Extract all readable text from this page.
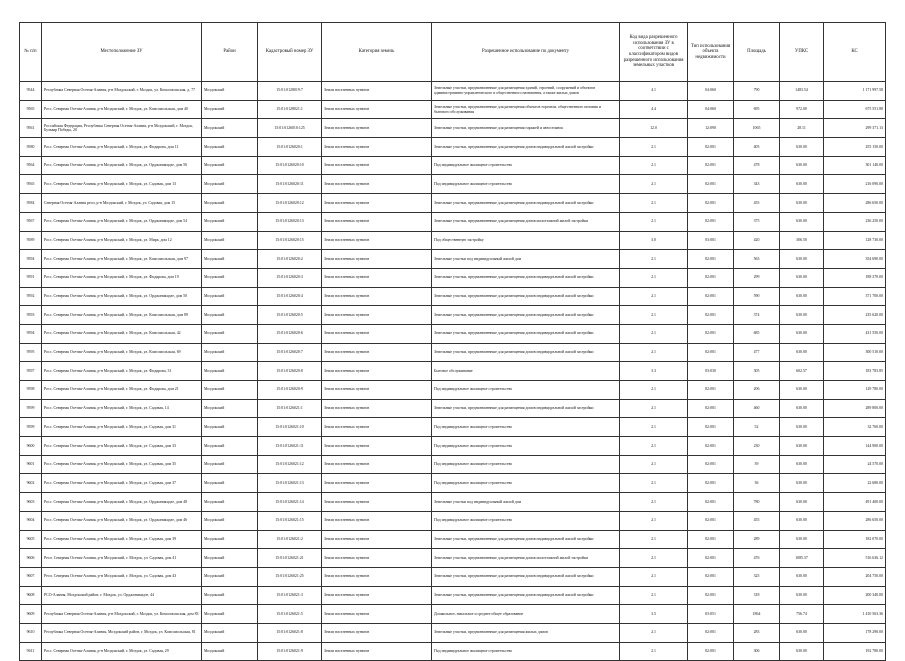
№ п/п	Местоположение ЗУ	Район	Кадастровый номер ЗУ	Категория земель	Разрешенное использование по документу	Код вида разрешенного использования ЗУ в соответствии с классификатором видов разрешенного использования земельных участков	Тип использования объекта недвижимости	Площадь	УПКС	КС
9544	Республика Северная Осетия-Алания, р-н Моздокский, г. Моздок, ул. Комсомольская, д. 77	Моздокский	15:01:0128019:7	Земли населенных пунктов	Земельные участки, предназначенные для размещения зданий, строений, сооружений и объектов административно-управленческого и общественного назначения, а также жилых домов	4.1	04:060	790	1483.54	1 171 997.58
9565	Росс. Северная Осетия-Алания, р-н Моздокский, г. Моздок, ул. Комсомольская, дом 40	Моздокский	15:01:0128021:1	Земли населенных пунктов	Земельные участки, предназначенные для размещения объектов торговли, общественного питания и бытового обслуживания	4.4	04:060	695	972.00	675 551.88
9561	Российская Федерация, Республика Северная Осетия-Алания, р-н Моздокский, г. Моздок, Бульвар Победы, 20	Моздокский	15:01:0126010:125	Земли населенных пунктов	Земельные участки, предназначенные для размещения гаражей и автостоянок	12.0	12:090	1065	28.11	299 371.13
9580	Росс. Северная Осетия-Алания, р-н Моздокский, г. Моздок, ул. Фидарова, дом 11	Моздокский	15:01:0126020:1	Земли населенных пунктов	Земельные участки, предназначенные для размещения домов индивидуальной жилой застройки	2.1	02:001	405	630.00	255 150.00
9564	Росс. Северная Осетия-Алания, р-н Моздокский, г. Моздок, ул. Орджоникидзе, дом 56	Моздокский	15:01:0126020:10	Земли населенных пунктов	Под индивидуальное жилищное строительство	2.1	02:001	478	630.00	301 140.00
9565	Росс. Северная Осетия-Алания, р-н Моздокский, г. Моздок, ул. Садовая, дом 13	Моздокский	15:01:0126020:11	Земли населенных пунктов	Под индивидуальное жилищное строительство	2.1	02:001	343	630.00	216 090.00
9584	Северная Осетия-Алания респ, р-н Моздокский, г. Моздок, ул. Садовая, дом 15	Моздокский	15:01:0126020:12	Земли населенных пунктов	Земельные участки, предназначенные для размещения домов индивидуальной жилой застройки	2.1	02:001	455	630.00	286 650.00
9567	Росс. Северная Осетия-Алания, р-н Моздокский, г. Моздок, ул. Орджоникидзе, дом 54	Моздокский	15:01:0126020:13	Земли населенных пунктов	Земельные участки, предназначенные для размещения домов малоэтажной жилой застройки	2.1	02:001	375	630.00	236 250.00
9589	Росс. Северная Осетия-Алания, р-н Моздокский, г. Моздок, ул. Мира, дом 12	Моздокский	15:01:0126020:15	Земли населенных пунктов	Под общественную застройку	3.0	03:001	420	306.50	128 730.00
9594	Росс. Северная Осетия-Алания, р-н Моздокский, г. Моздок, ул. Комсомольская, дом 97	Моздокский	15:01:0126020:2	Земли населенных пунктов	Земельные участки под индивидуальный жилой дом	2.1	02:001	563	630.00	354 690.00
9591	Росс. Северная Осетия-Алания, р-н Моздокский, г. Моздок, ул. Фидарова, дом 19	Моздокский	15:01:0126020:3	Земли населенных пунктов	Земельные участки, предназначенные для размещения домов индивидуальной жилой застройки	2.1	02:001	299	630.00	188 370.00
9592	Росс. Северная Осетия-Алания, р-н Моздокский, г. Моздок, ул. Орджоникидзе, дом 50	Моздокский	15:01:0126020:4	Земли населенных пунктов	Земельные участки, предназначенные для размещения домов индивидуальной жилой застройки	2.1	02:001	590	630.00	371 700.00
9593	Росс. Северная Осетия-Алания, р-н Моздокский, г. Моздок, ул. Комсомольская, дом 89	Моздокский	15:01:0126020:5	Земли населенных пунктов	Земельные участки, предназначенные для размещения домов индивидуальной жилой застройки	2.1	02:001	374	630.00	235 620.00
9594	Росс. Северная Осетия-Алания, р-н Моздокский, г. Моздок, ул. Комсомольская, 42	Моздокский	15:01:0126020:6	Земли населенных пунктов	Земельные участки, предназначенные для размещения домов индивидуальной жилой застройки	2.1	02:001	685	630.00	431 550.00
9595	Росс. Северная Осетия-Алания, р-н Моздокский, г. Моздок, ул. Комсомольская, 69	Моздокский	15:01:0126020:7	Земли населенных пунктов	Земельные участки, предназначенные для размещения домов индивидуальной жилой застройки	2.1	02:001	477	630.00	300 510.00
9597	Росс. Северная Осетия-Алания, р-н Моздокский, г. Моздок, ул. Фидарова, 31	Моздокский	15:01:0126020:8	Земли населенных пунктов	Бытовое обслуживание	3.3	03:030	305	602.57	183 783.85
9598	Росс. Северная Осетия-Алания, р-н Моздокский, г. Моздок, ул. Фидарова, дом 21	Моздокский	15:01:0126020:9	Земли населенных пунктов	Под индивидуальное жилищное строительство	2.1	02:001	206	630.00	129 780.00
9599	Росс. Северная Осетия-Алания, р-н Моздокский, г. Моздок, ул. Садовая, 14	Моздокский	15:01:0126021:1	Земли населенных пунктов	Земельные участки, предназначенные для размещения домов индивидуальной жилой застройки	2.1	02:001	460	630.00	289 800.00
9599	Росс. Северная Осетия-Алания, р-н Моздокский, г. Моздок, ул. Садовая, дом 31	Моздокский	15:01:0126021:10	Земли населенных пунктов	Под индивидуальное жилищное строительство	2.1	02:001	52	630.00	32 760.00
9600	Росс. Северная Осетия-Алания, р-н Моздокский, г. Моздок, ул. Садовая, дом 33	Моздокский	15:01:0126021:11	Земли населенных пунктов	Под индивидуальное жилищное строительство	2.1	02:001	230	630.00	144 900.00
9601	Росс. Северная Осетия-Алания, р-н Моздокский, г. Моздок, ул. Садовая, дом 35	Моздокский	15:01:0126021:12	Земли населенных пунктов	Под индивидуальное жилищное строительство	2.1	02:001	39	630.00	24 570.00
9602	Росс. Северная Осетия-Алания, р-н Моздокский, г. Моздок, ул. Садовая, дом 37	Моздокский	15:01:0126021:13	Земли населенных пунктов	Под индивидуальное жилищное строительство	2.1	02:001	36	630.00	22 680.00
9603	Росс. Северная Осетия-Алания, р-н Моздокский, г. Моздок, ул. Орджоникидзе, дом 48	Моздокский	15:01:0126021:14	Земли населенных пунктов	Земельные участки под индивидуальный жилой дом	2.1	02:001	780	630.00	491 400.00
9604	Росс. Северная Осетия-Алания, р-н Моздокский, г. Моздок, ул. Орджоникидзе, дом 46	Моздокский	15:01:0126021:15	Земли населенных пунктов	Под индивидуальное жилищное строительство	2.1	02:001	455	630.00	286 650.00
9605	Росс. Северная Осетия-Алания, р-н Моздокский, г. Моздок, ул. Садовая, дом 39	Моздокский	15:01:0126021:2	Земли населенных пунктов	Земельные участки, предназначенные для размещения домов индивидуальной жилой застройки	2.1	02:001	289	630.00	182 070.00
9606	Респ. Северная Осетия-Алания, р-н Моздокский, г. Моздок, ул. Садовая, дом 41	Моздокский	15:01:0126021:21	Земли населенных пунктов	Земельные участки, предназначенные для размещения домов малоэтажной жилой застройки	2.1	02:001	476	1085.37	516 636.12
9607	Респ. Северная Осетия-Алания, р-н Моздокский, г. Моздок, ул. Садовая, дом 43	Моздокский	15:01:0126021:25	Земли населенных пунктов	Земельные участки, предназначенные для размещения домов индивидуальной жилой застройки	2.1	02:001	325	630.00	204 750.00
9608	РСО-Алания, Моздокский район, г. Моздок, ул. Орджоникидзе, 44	Моздокский	15:01:0126021:3	Земли населенных пунктов	Земельные участки, предназначенные для размещения домов индивидуальной жилой застройки	2.1	02:001	318	630.00	200 340.00
9609	Республика Северная Осетия-Алания, р-н Моздокский, г. Моздок, ул. Комсомольская, дом 83	Моздокский	15:01:0126021:5	Земли населенных пунктов	Дошкольное, начальное и среднее общее образование	3.5	03:051	1864	756.74	1 410 563.36
9610	Республика Северная Осетия-Алания, Моздокский район, г. Моздок, ул. Комсомольская, 81	Моздокский	15:01:0126021:8	Земли населенных пунктов	Земельные участки, предназначенные для размещения жилых домов	2.1	02:001	283	630.00	178 290.00
9611	Росс. Северная Осетия-Алания, р-н Моздокский, г. Моздок, ул. Садовая, 29	Моздокский	15:01:0126021:9	Земли населенных пунктов	Под индивидуальное жилищное строительство	2.1	02:001	306	630.00	192 780.00
